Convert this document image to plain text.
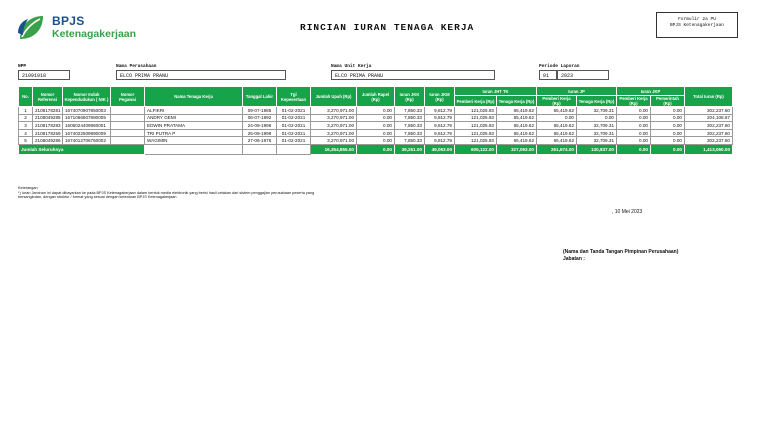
BPJS
Ketenagakerjaan
RINCIAN IURAN TENAGA KERJA
Formulir 2a PU
BPJS Ketenagakerjaan
NPP
21091918
Nama Perusahaan
ELCO PRIMA PRANU
Nama Unit Kerja
ELCO PRIMA PRANU
Periode Laporan
01	2023
No.	Nomor Referensi	Nomor Induk Kependudukan ( NIK )	Nomor Pegawai	Nama Tenaga Kerja	Tanggal Lahir	Tgl Kepesertaan	Jumlah Upah (Rp)	Jumlah Rapel (Rp)	Iuran JKK (Rp)	Iuran JKM (Rp)	Iuran JHT TK		Iuran JP		Iuran JKP		Total Iuran (Rp)
											Pemberi Kerja (Rp)	Tenaga Kerja (Rp)	Pemberi Kerja (Rp)	Tenaga Kerja (Rp)	Pemberi Kerja (Rp)	Pemerintah (Rp)	
1	2108178281	1674070907850003		ALFIKRI	09-07-1985	01-02-2021	3,270,971.00	0.00	7,850.33	9,812.79	121,025.93	65,419.62	65,419.62	32,709.31	0.00	0.00	302,237.60
2	2108049285	1671066607890005		ANDRY GEMI	06-07-1992	01-02-2021	3,270,971.00	0.00	7,850.33	9,812.79	121,025.93	65,419.62	0.00	0.00	0.00	0.00	204,108.67
3	2108178283	1606024409960001		EDWIN PRATAMA	24-09-1996	01-02-2021	3,270,971.00	0.00	7,850.33	9,812.79	121,025.93	65,419.62	65,419.62	32,709.31	0.00	0.00	302,237.60
4	2108178259	1674022509990009		TRI PUTRA P	25-09-1999	01-02-2021	3,270,971.00	0.00	7,850.33	9,812.79	121,025.93	65,419.62	65,419.62	32,709.31	0.00	0.00	302,237.60
5	2108049286	1674012706760002		WAGIMIN	27-06-1976	01-02-2021	3,270,971.00	0.00	7,850.33	9,812.79	121,025.93	65,419.62	65,419.62	32,709.31	0.00	0.00	302,237.60
Jumlah Seluruhnya							16,354,855.00	0.00	39,251.00	49,063.00	605,122.00	327,093.00	261,674.00	130,837.00	0.00	0.00	1,413,060.00
Keterangan
*) Iuran Jaminan ini dapat dibayarkan ke pada BPJS Ketenagakerjaan dalam bentuk media elektronik yang berisi hasil cetakan dari sistem penggajian perusahaan peserta yang bersangkutan, dengan struktur / format yang sesuai dengan ketentuan BPJS Ketenagakerjaan
, 10 Mei 2023
(Nama dan Tanda Tangan Pimpinan Perusahaan)
Jabatan :
